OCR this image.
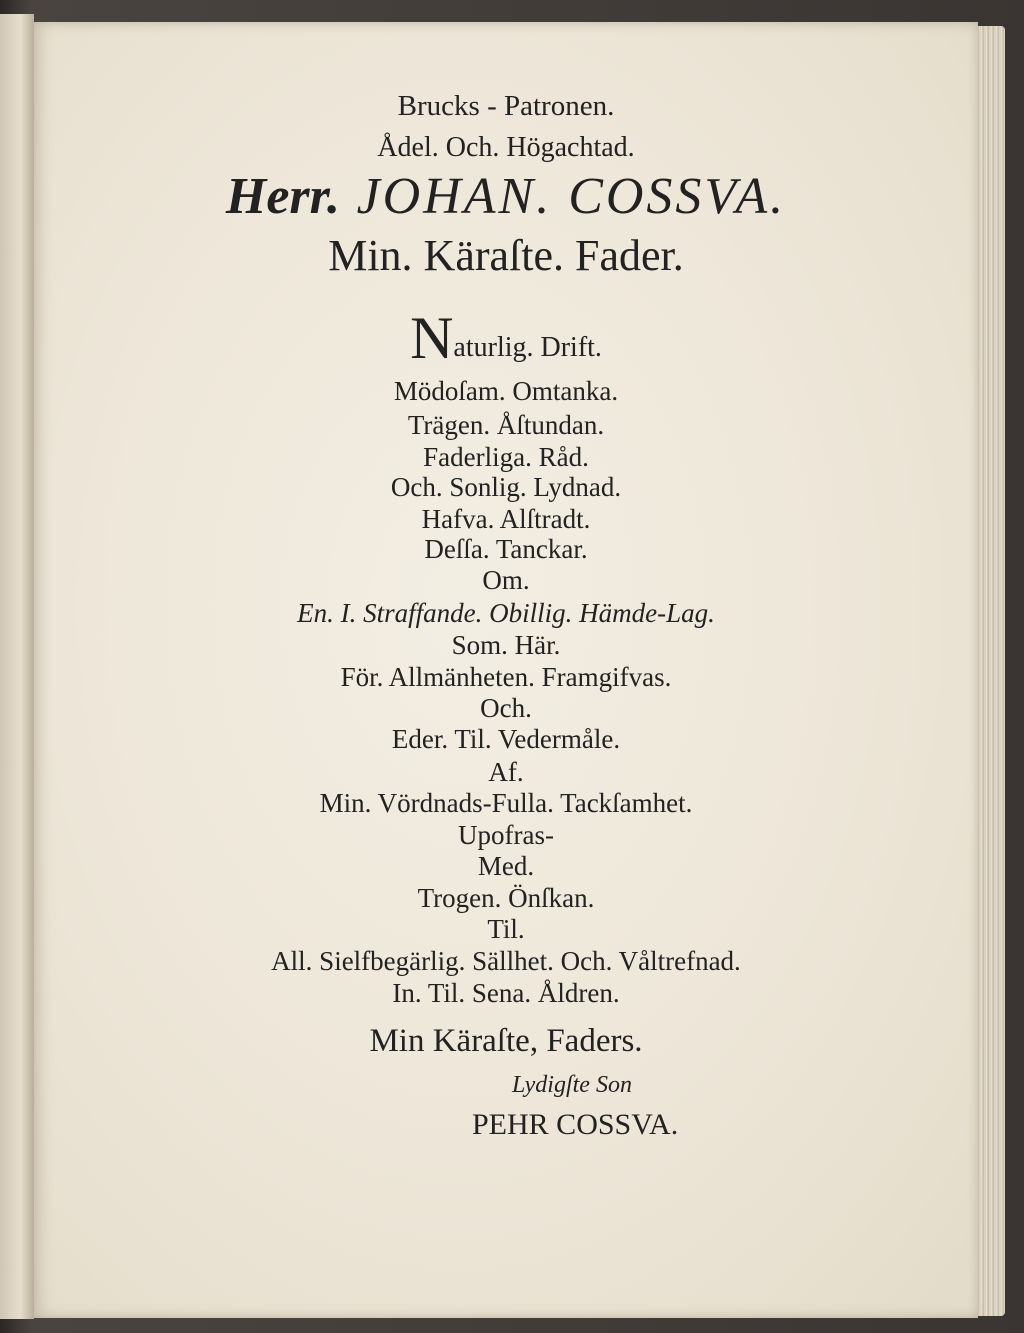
Brucks - Patronen.
Ådel. Och. Högachtad.
Herr. JOHAN. COSSVA.
Min. Käraſte. Fader.
Naturlig. Drift.
Mödoſam. Omtanka.
Trägen. Åſtundan.
Faderliga. Råd.
Och. Sonlig. Lydnad.
Hafva. Alſtradt.
Deſſa. Tanckar.
Om.
En. I. Straffande. Obillig. Hämde-Lag.
Som. Här.
För. Allmänheten. Framgifvas.
Och.
Eder. Til. Vedermåle.
Af.
Min. Vördnads-Fulla. Tackſamhet.
Upofras-
Med.
Trogen. Önſkan.
Til.
All. Sielfbegärlig. Sällhet. Och. Våltrefnad.
In. Til. Sena. Åldren.
Min Käraſte, Faders.
Lydigſte Son
PEHR COSSVA.
